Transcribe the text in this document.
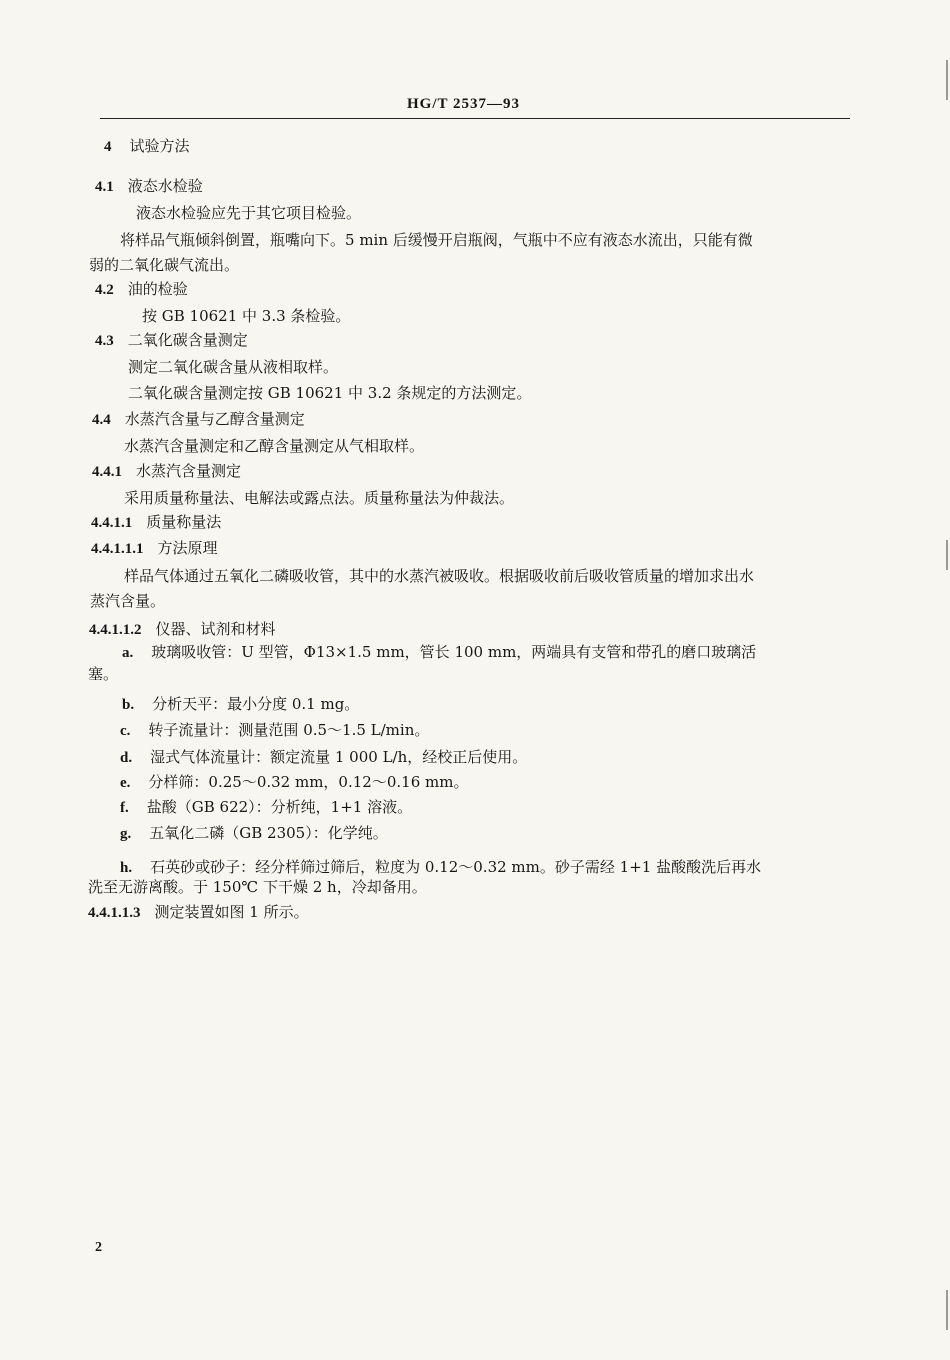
HG/T 2537—93
4 试验方法
4.1 液态水检验
液态水检验应先于其它项目检验。
将样品气瓶倾斜倒置，瓶嘴向下。5 min 后缓慢开启瓶阀，气瓶中不应有液态水流出，只能有微
弱的二氧化碳气流出。
4.2 油的检验
按 GB 10621 中 3.3 条检验。
4.3 二氧化碳含量测定
测定二氧化碳含量从液相取样。
二氧化碳含量测定按 GB 10621 中 3.2 条规定的方法测定。
4.4 水蒸汽含量与乙醇含量测定
水蒸汽含量测定和乙醇含量测定从气相取样。
4.4.1 水蒸汽含量测定
采用质量称量法、电解法或露点法。质量称量法为仲裁法。
4.4.1.1 质量称量法
4.4.1.1.1 方法原理
样品气体通过五氧化二磷吸收管，其中的水蒸汽被吸收。根据吸收前后吸收管质量的增加求出水
蒸汽含量。
4.4.1.1.2 仪器、试剂和材料
a. 玻璃吸收管：U 型管，Φ13×1.5 mm，管长 100 mm，两端具有支管和带孔的磨口玻璃活
塞。
b. 分析天平：最小分度 0.1 mg。
c. 转子流量计：测量范围 0.5～1.5 L/min。
d. 湿式气体流量计：额定流量 1 000 L/h，经校正后使用。
e. 分样筛：0.25～0.32 mm，0.12～0.16 mm。
f. 盐酸（GB 622）：分析纯，1+1 溶液。
g. 五氧化二磷（GB 2305）：化学纯。
h. 石英砂或砂子：经分样筛过筛后，粒度为 0.12～0.32 mm。砂子需经 1+1 盐酸酸洗后再水
洗至无游离酸。于 150℃ 下干燥 2 h，冷却备用。
4.4.1.1.3 测定装置如图 1 所示。
2
